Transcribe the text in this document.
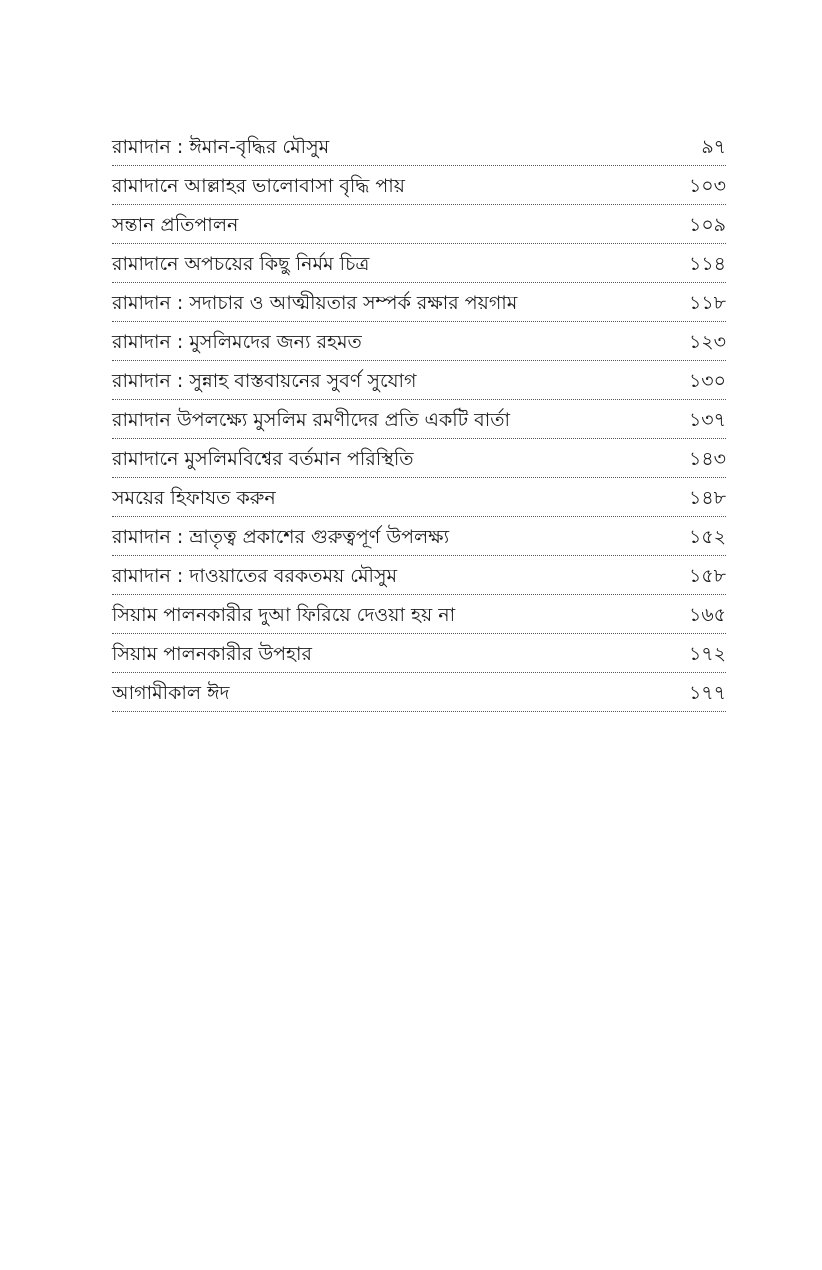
রামাদান : ঈমান-বৃদ্ধির মৌসুম	৯৭
রামাদানে আল্লাহর ভালোবাসা বৃদ্ধি পায়	১০৩
সন্তান প্রতিপালন	১০৯
রামাদানে অপচয়ের কিছু নির্মম চিত্র	১১৪
রামাদান : সদাচার ও আত্মীয়তার সম্পর্ক রক্ষার পয়গাম	১১৮
রামাদান : মুসলিমদের জন্য রহমত	১২৩
রামাদান : সুন্নাহ বাস্তবায়নের সুবর্ণ সুযোগ	১৩০
রামাদান উপলক্ষ্যে মুসলিম রমণীদের প্রতি একটি বার্তা	১৩৭
রামাদানে মুসলিমবিশ্বের বর্তমান পরিস্থিতি	১৪৩
সময়ের হিফাযত করুন	১৪৮
রামাদান : ভ্রাতৃত্ব প্রকাশের গুরুত্বপূর্ণ উপলক্ষ্য	১৫২
রামাদান : দাওয়াতের বরকতময় মৌসুম	১৫৮
সিয়াম পালনকারীর দুআ ফিরিয়ে দেওয়া হয় না	১৬৫
সিয়াম পালনকারীর উপহার	১৭২
আগামীকাল ঈদ	১৭৭
